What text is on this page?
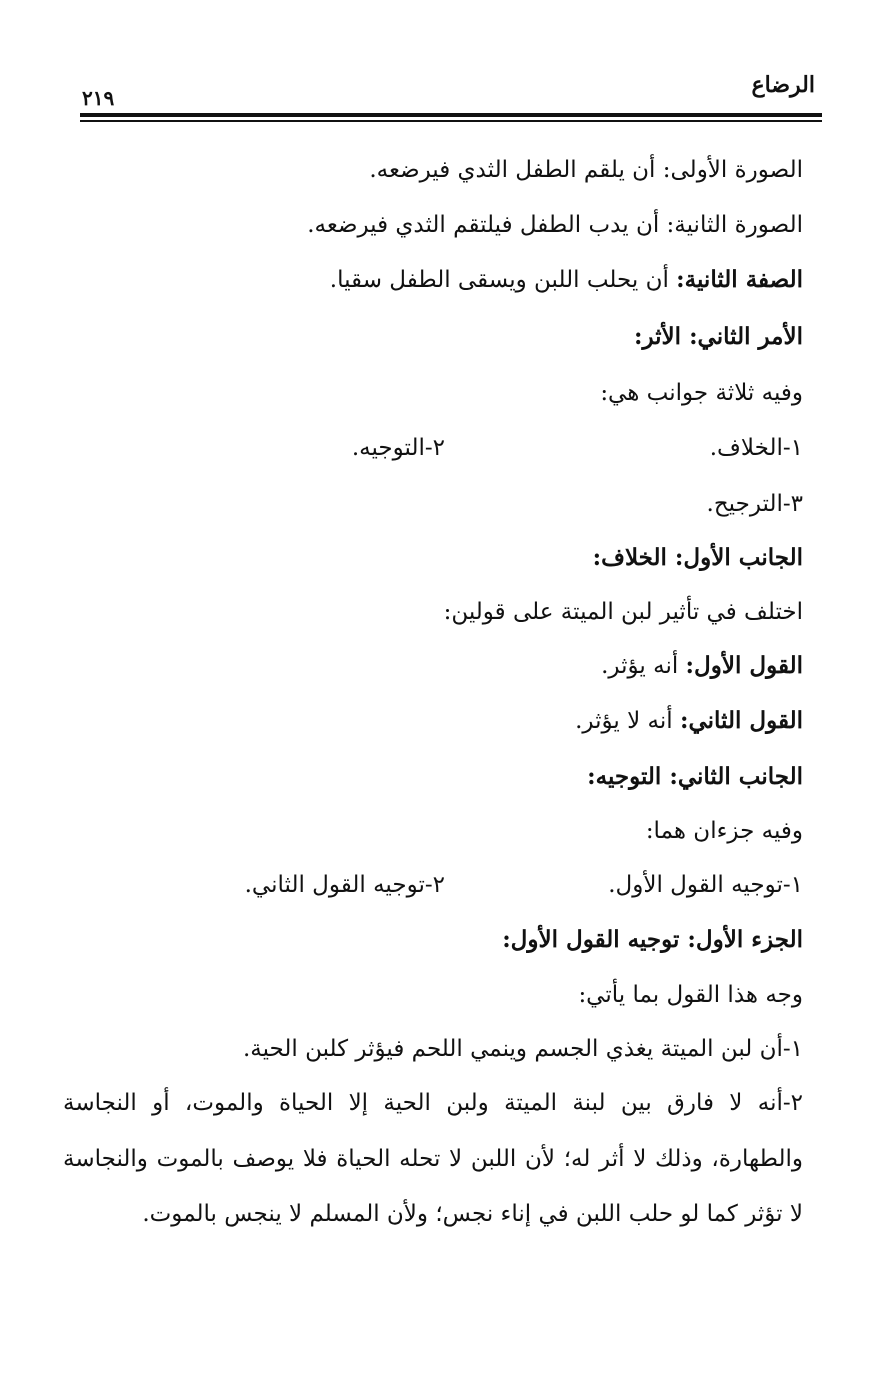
الرضاع
٢١٩
الصورة الأولى: أن يلقم الطفل الثدي فيرضعه.
الصورة الثانية: أن يدب الطفل فيلتقم الثدي فيرضعه.
الصفة الثانية: أن يحلب اللبن ويسقى الطفل سقيا.
الأمر الثاني: الأثر:
وفيه ثلاثة جوانب هي:
١-الخلاف.
٢-التوجيه.
٣-الترجيح.
الجانب الأول: الخلاف:
اختلف في تأثير لبن الميتة على قولين:
القول الأول: أنه يؤثر.
القول الثاني: أنه لا يؤثر.
الجانب الثاني: التوجيه:
وفيه جزءان هما:
١-توجيه القول الأول.
٢-توجيه القول الثاني.
الجزء الأول: توجيه القول الأول:
وجه هذا القول بما يأتي:
١-أن لبن الميتة يغذي الجسم وينمي اللحم فيؤثر كلبن الحية.
٢-أنه لا فارق بين لبنة الميتة ولبن الحية إلا الحياة والموت، أو النجاسة والطهارة، وذلك لا أثر له؛ لأن اللبن لا تحله الحياة فلا يوصف بالموت والنجاسة لا تؤثر كما لو حلب اللبن في إناء نجس؛ ولأن المسلم لا ينجس بالموت.
